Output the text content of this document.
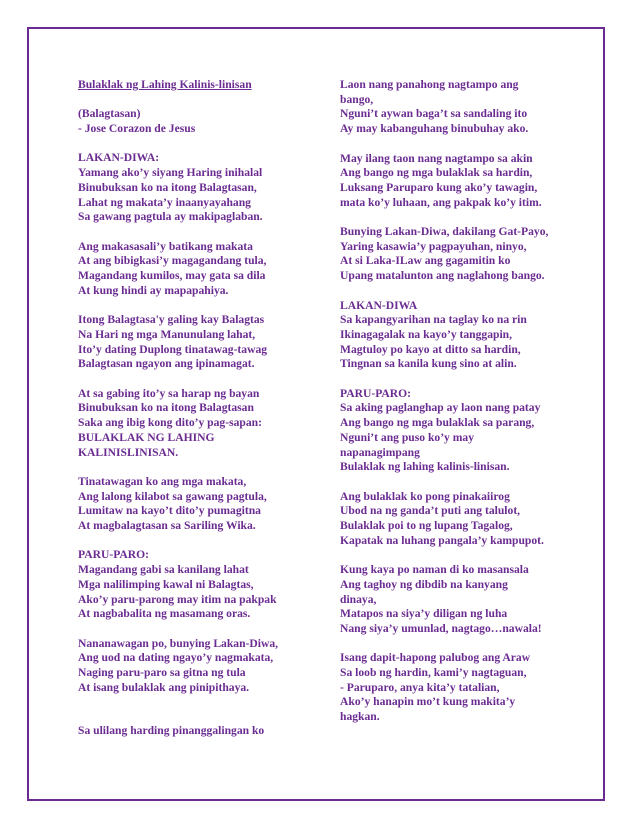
Bulaklak ng Lahing Kalinis-linisan
(Balagtasan)
- Jose Corazon de Jesus
LAKAN-DIWA:
Yamang ako’y siyang Haring inihalal
Binubuksan ko na itong Balagtasan,
Lahat ng makata’y inaanyayahang
Sa gawang pagtula ay makipaglaban.
Ang makasasali’y batikang makata
At ang bibigkasi’y magagandang tula,
Magandang kumilos, may gata sa dila
At kung hindi ay mapapahiya.
Itong Balagtasa'y galing kay Balagtas
Na Hari ng mga Manunulang lahat,
Ito’y dating Duplong tinatawag-tawag
Balagtasan ngayon ang ipinamagat.
At sa gabing ito’y sa harap ng bayan
Binubuksan ko na itong Balagtasan
Saka ang ibig kong dito’y pag-sapan:
BULAKLAK NG LAHING
KALINISLINISAN.
Tinatawagan ko ang mga makata,
Ang lalong kilabot sa gawang pagtula,
Lumitaw na kayo’t dito’y pumagitna
At magbalagtasan sa Sariling Wika.
PARU-PARO:
Magandang gabi sa kanilang lahat
Mga nalilimping kawal ni Balagtas,
Ako’y paru-parong may itim na pakpak
At nagbabalita ng masamang oras.
Nananawagan po, bunying Lakan-Diwa,
Ang uod na dating ngayo’y nagmakata,
Naging paru-paro sa gitna ng tula
At isang bulaklak ang pinipithaya.
Sa ulilang harding pinanggalingan ko
Laon nang panahong nagtampo ang
bango,
Nguni’t aywan baga’t sa sandaling ito
Ay may kabanguhang binubuhay ako.
May ilang taon nang nagtampo sa akin
Ang bango ng mga bulaklak sa hardin,
Luksang Paruparo kung ako’y tawagin,
mata ko’y luhaan, ang pakpak ko’y itim.
Bunying Lakan-Diwa, dakilang Gat-Payo,
Yaring kasawia’y pagpayuhan, ninyo,
At si Laka-ILaw ang gagamitin ko
Upang matalunton ang naglahong bango.
LAKAN-DIWA
Sa kapangyarihan na taglay ko na rin
Ikinagagalak na kayo’y tanggapin,
Magtuloy po kayo at ditto sa hardin,
Tingnan sa kanila kung sino at alin.
PARU-PARO:
Sa aking paglanghap ay laon nang patay
Ang bango ng mga bulaklak sa parang,
Nguni’t ang puso ko’y may
napanagimpang
Bulaklak ng lahing kalinis-linisan.
Ang bulaklak ko pong pinakaiirog
Ubod na ng ganda’t puti ang talulot,
Bulaklak poi to ng lupang Tagalog,
Kapatak na luhang pangala’y kampupot.
Kung kaya po naman di ko masansala
Ang taghoy ng dibdib na kanyang
dinaya,
Matapos na siya’y diligan ng luha
Nang siya’y umunlad, nagtago…nawala!
Isang dapit-hapong palubog ang Araw
Sa loob ng hardin, kami’y nagtaguan,
- Paruparo, anya kita’y tatalian,
Ako’y hanapin mo’t kung makita’y
hagkan.
